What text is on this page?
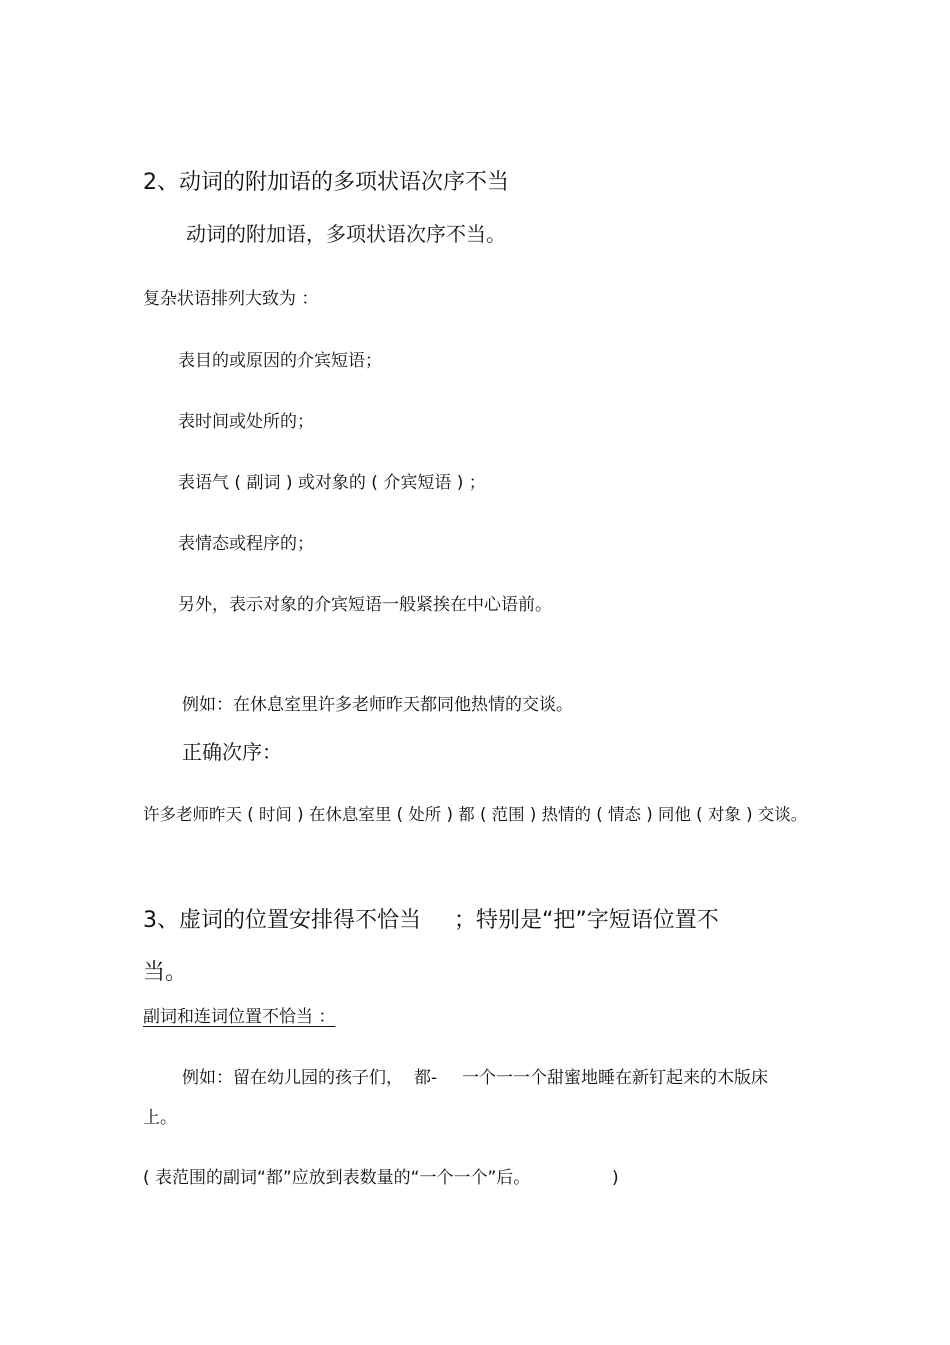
2、动词的附加语的多项状语次序不当
动词的附加语，多项状语次序不当。
复杂状语排列大致为 ：
表目的或原因的介宾短语；
表时间或处所的；
表语气 ( 副词 ) 或对象的 ( 介宾短语 ) ；
表情态或程序的；
另外，表示对象的介宾短语一般紧挨在中心语前。
例如：在休息室里许多老师昨天都同他热情的交谈。
正确次序：
许多老师昨天 ( 时间 ) 在休息室里 ( 处所 ) 都 ( 范围 ) 热情的 ( 情态 ) 同他 ( 对象 ) 交谈。
3、虚词的位置安排得不恰当 ；特别是“把”字短语位置不
当。
副词和连词位置不恰当 ：
例如：留在幼儿园的孩子们， 都- 一个一一个甜蜜地睡在新钉起来的木版床
上。
( 表范围的副词“都”应放到表数量的“一个一个”后。	)
